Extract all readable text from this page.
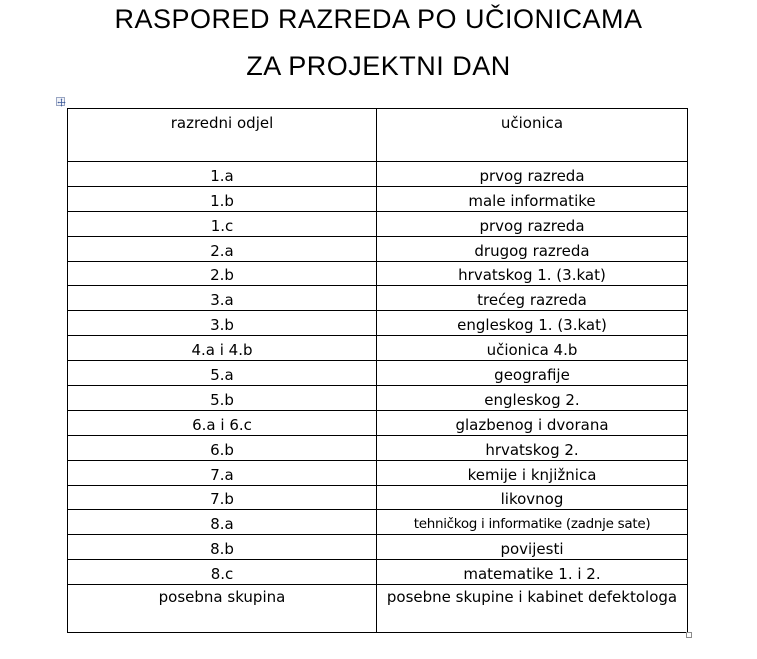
RASPORED RAZREDA PO UČIONICAMA
ZA PROJEKTNI DAN
razredni odjel	učionica
1.a	prvog razreda
1.b	male informatike
1.c	prvog razreda
2.a	drugog razreda
2.b	hrvatskog 1. (3.kat)
3.a	trećeg razreda
3.b	engleskog 1. (3.kat)
4.a i 4.b	učionica 4.b
5.a	geografije
5.b	engleskog 2.
6.a i 6.c	glazbenog i dvorana
6.b	hrvatskog 2.
7.a	kemije i knjižnica
7.b	likovnog
8.a	tehničkog i informatike (zadnje sate)
8.b	povijesti
8.c	matematike 1. i 2.
posebna skupina	posebne skupine i kabinet defektologa
